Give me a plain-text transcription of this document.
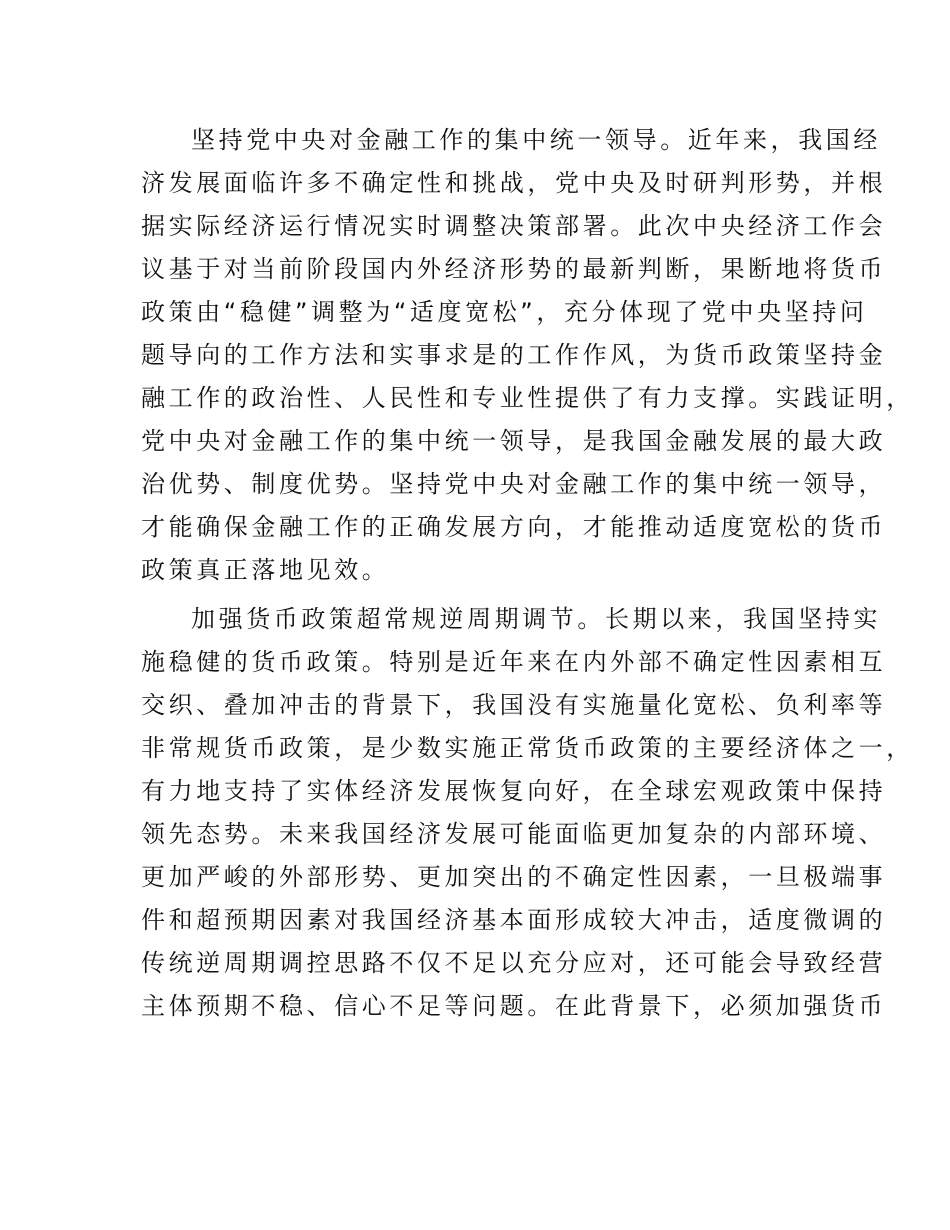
坚持党中央对金融工作的集中统一领导。近年来，我国经
济发展面临许多不确定性和挑战，党中央及时研判形势，并根
据实际经济运行情况实时调整决策部署。此次中央经济工作会
议基于对当前阶段国内外经济形势的最新判断，果断地将货币
政策由“稳健”调整为“适度宽松”，充分体现了党中央坚持问
题导向的工作方法和实事求是的工作作风，为货币政策坚持金
融工作的政治性、人民性和专业性提供了有力支撑。实践证明，
党中央对金融工作的集中统一领导，是我国金融发展的最大政
治优势、制度优势。坚持党中央对金融工作的集中统一领导，
才能确保金融工作的正确发展方向，才能推动适度宽松的货币
政策真正落地见效。
加强货币政策超常规逆周期调节。长期以来，我国坚持实
施稳健的货币政策。特别是近年来在内外部不确定性因素相互
交织、叠加冲击的背景下，我国没有实施量化宽松、负利率等
非常规货币政策，是少数实施正常货币政策的主要经济体之一，
有力地支持了实体经济发展恢复向好，在全球宏观政策中保持
领先态势。未来我国经济发展可能面临更加复杂的内部环境、
更加严峻的外部形势、更加突出的不确定性因素，一旦极端事
件和超预期因素对我国经济基本面形成较大冲击，适度微调的
传统逆周期调控思路不仅不足以充分应对，还可能会导致经营
主体预期不稳、信心不足等问题。在此背景下，必须加强货币
